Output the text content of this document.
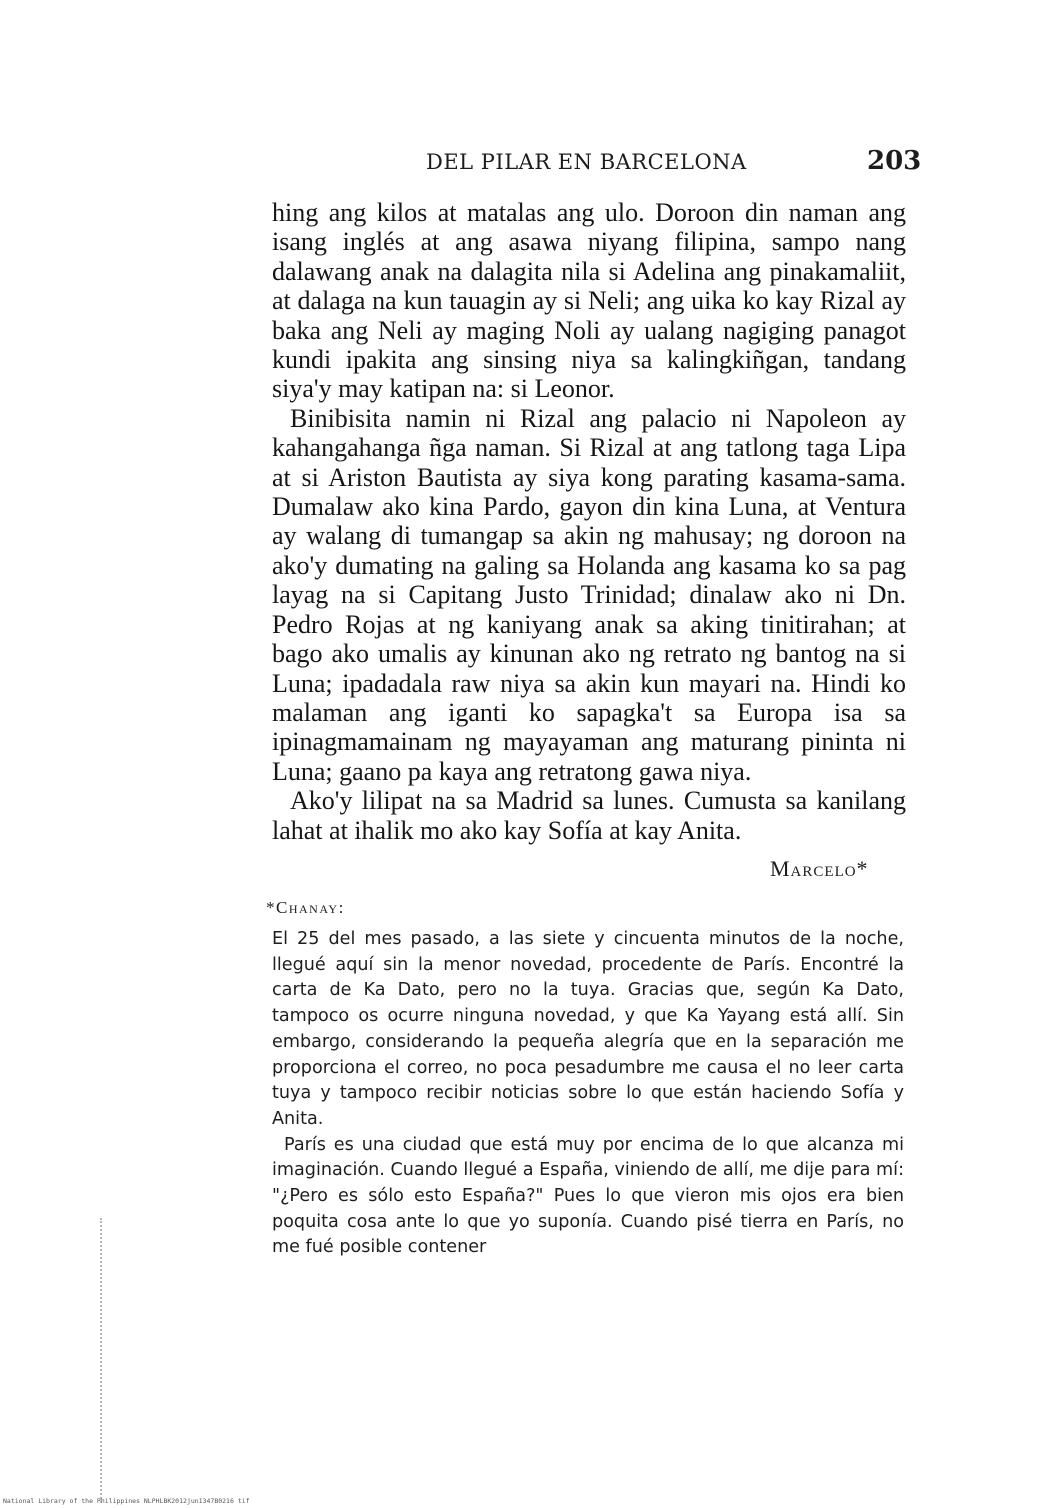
DEL PILAR EN BARCELONA	203

hing ang kilos at matalas ang ulo. Doroon din naman ang isang inglés at ang asawa niyang filipina, sampo nang dalawang anak na dalagita nila si Adelina ang pinakamaliit, at dalaga na kun tauagin ay si Neli; ang uika ko kay Rizal ay baka ang Neli ay maging Noli ay ualang nagiging panagot kundi ipakita ang sinsing niya sa kalingkiñgan, tandang siya'y may katipan na: si Leonor.

Binibisita namin ni Rizal ang palacio ni Napoleon ay kahangahanga ñga naman. Si Rizal at ang tatlong taga Lipa at si Ariston Bautista ay siya kong parating kasama-sama. Dumalaw ako kina Pardo, gayon din kina Luna, at Ventura ay walang di tumangap sa akin ng mahusay; ng doroon na ako'y dumating na galing sa Holanda ang kasama ko sa pag layag na si Capitang Justo Trinidad; dinalaw ako ni Dn. Pedro Rojas at ng kaniyang anak sa aking tinitirahan; at bago ako umalis ay kinunan ako ng retrato ng bantog na si Luna; ipadadala raw niya sa akin kun mayari na. Hindi ko malaman ang iganti ko sapagka't sa Europa isa sa ipinagmamainam ng mayayaman ang maturang pininta ni Luna; gaano pa kaya ang retratong gawa niya.

Ako'y lilipat na sa Madrid sa lunes. Cumusta sa kanilang lahat at ihalik mo ako kay Sofía at kay Anita.

Marcelo*
*Chanay:

El 25 del mes pasado, a las siete y cincuenta minutos de la noche, llegué aquí sin la menor novedad, procedente de París. Encontré la carta de Ka Dato, pero no la tuya. Gracias que, según Ka Dato, tampoco os ocurre ninguna novedad, y que Ka Yayang está allí. Sin embargo, considerando la pequeña alegría que en la separación me proporciona el correo, no poca pesadumbre me causa el no leer carta tuya y tampoco recibir noticias sobre lo que están haciendo Sofía y Anita.

París es una ciudad que está muy por encima de lo que alcanza mi imaginación. Cuando llegué a España, viniendo de allí, me dije para mí: "¿Pero es sólo esto España?" Pues lo que vieron mis ojos era bien poquita cosa ante lo que yo suponía. Cuando pisé tierra en París, no me fué posible contener

National Library of the Philippines NLPHLBK2012jun1347B0216 tif
